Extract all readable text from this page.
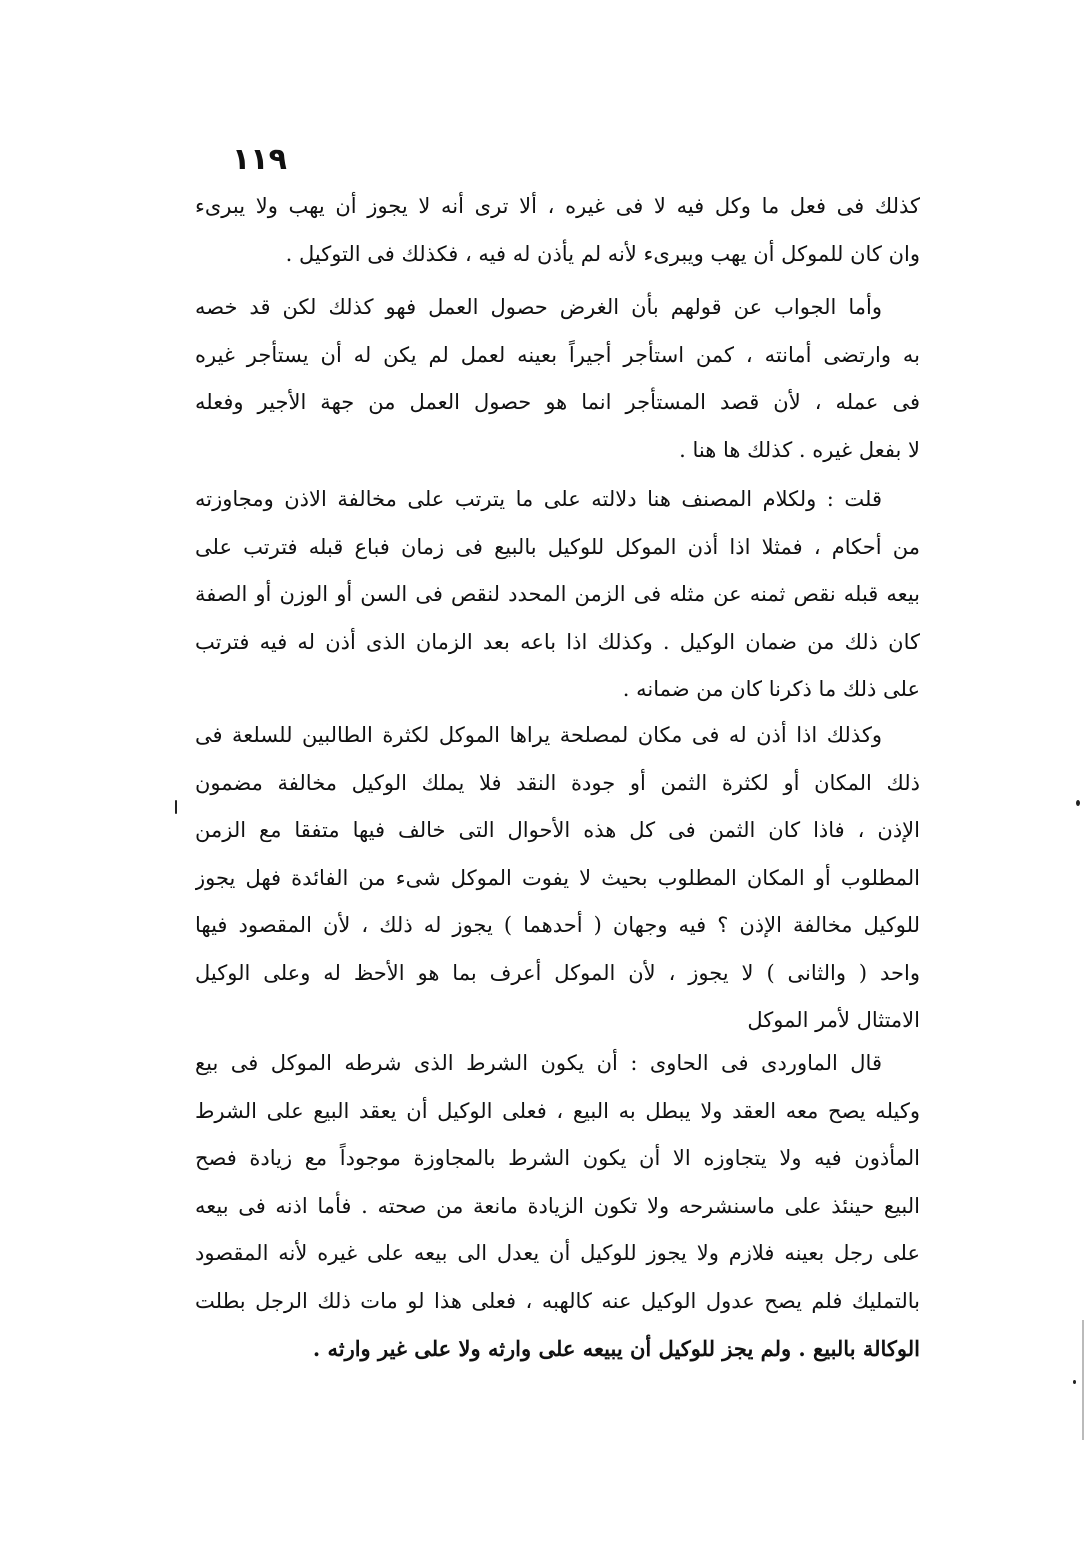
١١٩
كذلك فى فعل ما وكل فيه لا فى غيره ، ألا ترى أنه لا يجوز أن يهب ولا يبرىء
وان كان للموكل أن يهب ويبرىء لأنه لم يأذن له فيه ، فكذلك فى التوكيل .
وأما الجواب عن قولهم بأن الغرض حصول العمل فهو كذلك لكن قد خصه
به وارتضى أمانته ، كمن استأجر أجيراً بعينه لعمل لم يكن له أن يستأجر غيره
فى عمله ، لأن قصد المستأجر انما هو حصول العمل من جهة الأجير وفعله
لا بفعل غيره . كذلك ها هنا .
قلت : ولكلام المصنف هنا دلالته على ما يترتب على مخالفة الاذن ومجاوزته
من أحكام ، فمثلا اذا أذن الموكل للوكيل بالبيع فى زمان فباع قبله فترتب على
بيعه قبله نقص ثمنه عن مثله فى الزمن المحدد لنقص فى السن أو الوزن أو الصفة
كان ذلك من ضمان الوكيل . وكذلك اذا باعه بعد الزمان الذى أذن له فيه فترتب
على ذلك ما ذكرنا كان من ضمانه .
وكذلك اذا أذن له فى مكان لمصلحة يراها الموكل لكثرة الطالبين للسلعة فى
ذلك المكان أو لكثرة الثمن أو جودة النقد فلا يملك الوكيل مخالفة مضمون
الإذن ، فاذا كان الثمن فى كل هذه الأحوال التى خالف فيها متفقا مع الزمن
المطلوب أو المكان المطلوب بحيث لا يفوت الموكل شىء من الفائدة فهل يجوز
للوكيل مخالفة الإذن ؟ فيه وجهان ( أحدهما ) يجوز له ذلك ، لأن المقصود فيها
واحد ( والثانى ) لا يجوز ، لأن الموكل أعرف بما هو الأحظ له وعلى الوكيل
الامتثال لأمر الموكل
قال الماوردى فى الحاوى : أن يكون الشرط الذى شرطه الموكل فى بيع
وكيله يصح معه العقد ولا يبطل به البيع ، فعلى الوكيل أن يعقد البيع على الشرط
المأذون فيه ولا يتجاوزه الا أن يكون الشرط بالمجاوزة موجوداً مع زيادة فصح
البيع حينئذ على ماسنشرحه ولا تكون الزيادة مانعة من صحته . فأما اذنه فى بيعه
على رجل بعينه فلازم ولا يجوز للوكيل أن يعدل الى بيعه على غيره لأنه المقصود
بالتمليك فلم يصح عدول الوكيل عنه كالهبه ، فعلى هذا لو مات ذلك الرجل بطلت
الوكالة بالبيع . ولم يجز للوكيل أن يبيعه على وارثه ولا على غير وارثه .
